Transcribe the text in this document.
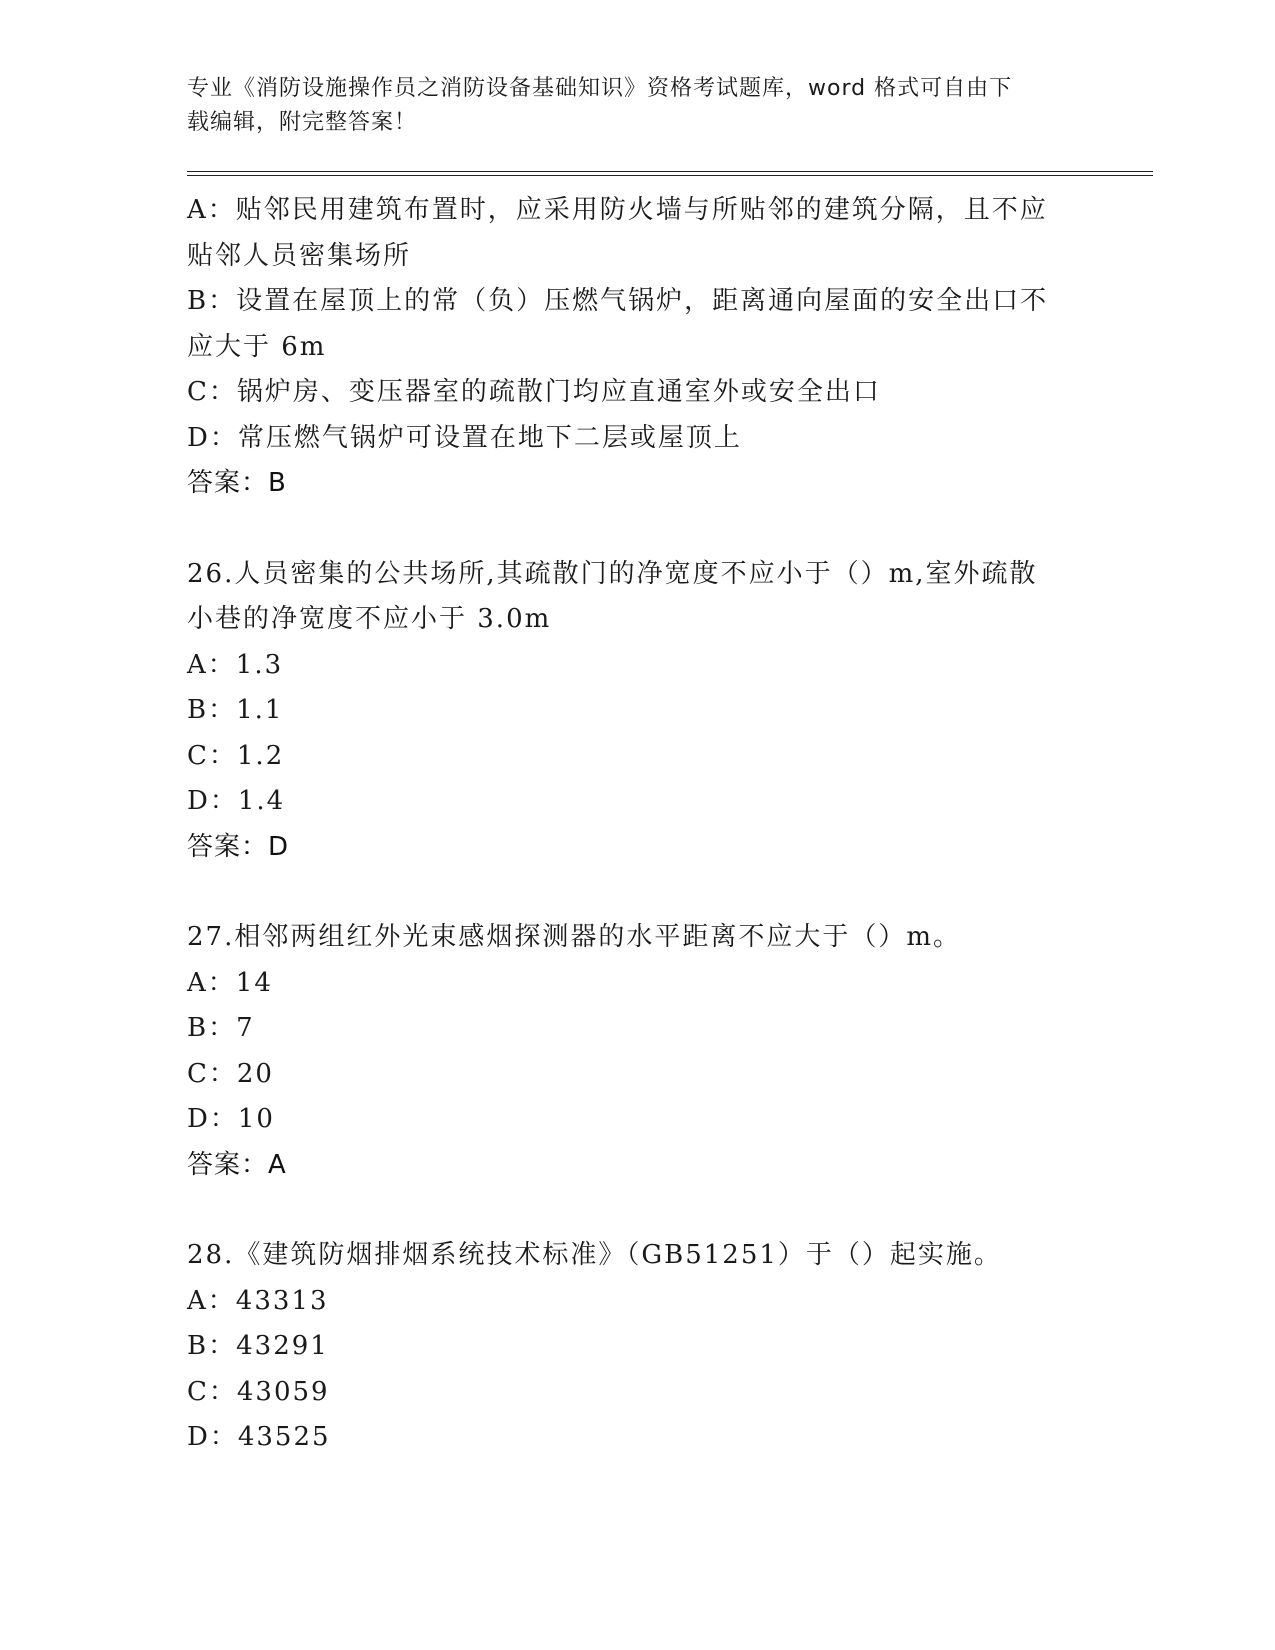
专业《消防设施操作员之消防设备基础知识》资格考试题库，word 格式可自由下
载编辑，附完整答案！
A：贴邻民用建筑布置时，应采用防火墙与所贴邻的建筑分隔，且不应
贴邻人员密集场所
B：设置在屋顶上的常（负）压燃气锅炉，距离通向屋面的安全出口不
应大于 6m
C：锅炉房、变压器室的疏散门均应直通室外或安全出口
D：常压燃气锅炉可设置在地下二层或屋顶上
答案：B
26.人员密集的公共场所,其疏散门的净宽度不应小于（）m,室外疏散
小巷的净宽度不应小于 3.0m
A：1.3
B：1.1
C：1.2
D：1.4
答案：D
27.相邻两组红外光束感烟探测器的水平距离不应大于（）m。
A：14
B：7
C：20
D：10
答案：A
28.《建筑防烟排烟系统技术标准》（GB51251）于（）起实施。
A：43313
B：43291
C：43059
D：43525
